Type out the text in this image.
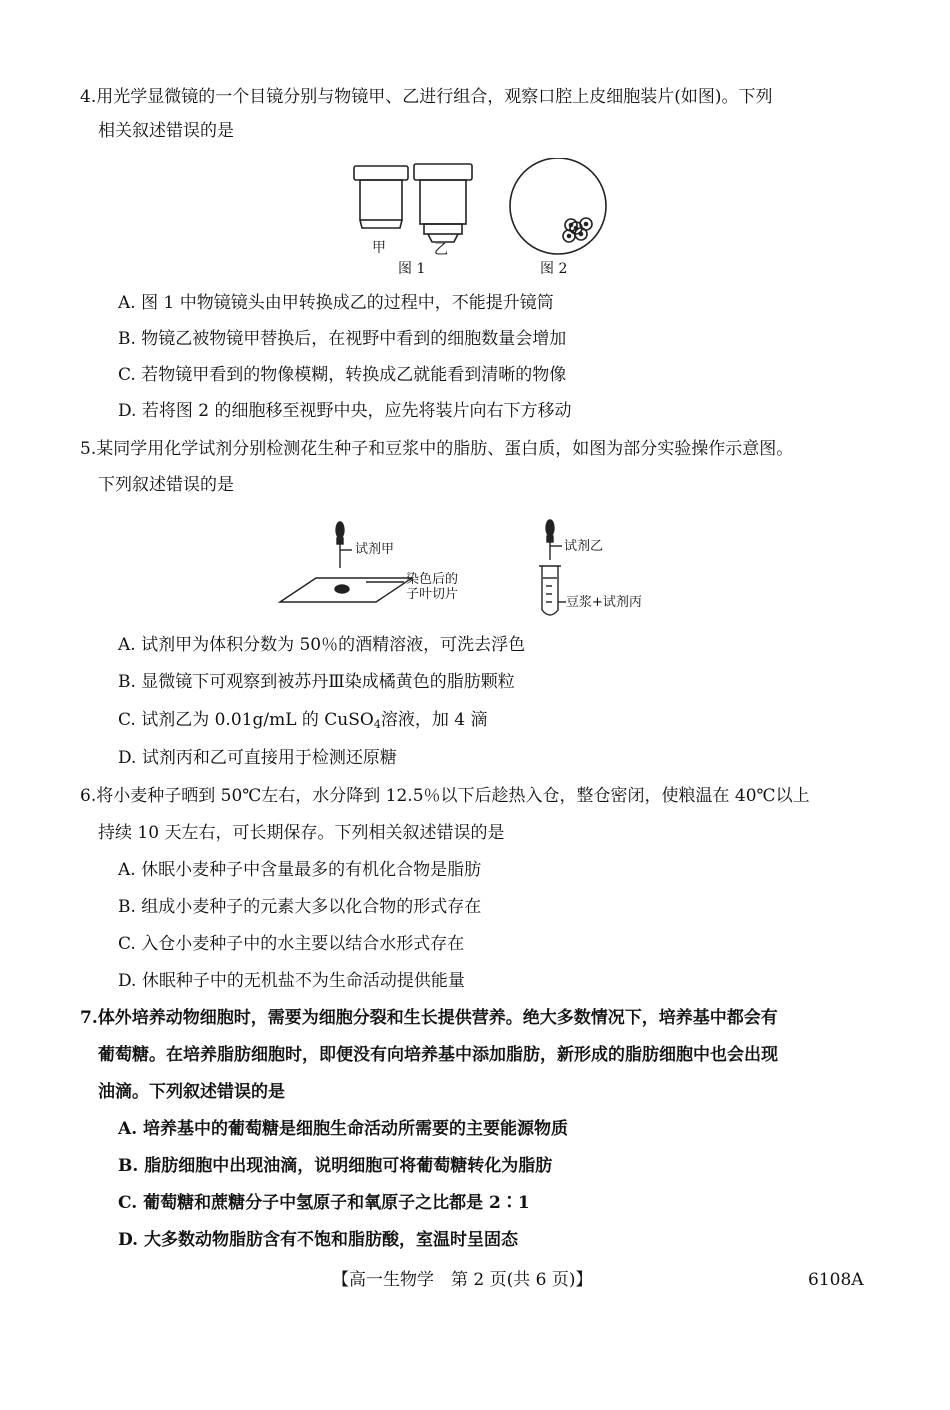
4.用光学显微镜的一个目镜分别与物镜甲、乙进行组合，观察口腔上皮细胞装片(如图)。下列
相关叙述错误的是
甲	乙
图 1	图 2
A. 图 1 中物镜镜头由甲转换成乙的过程中，不能提升镜筒
B. 物镜乙被物镜甲替换后，在视野中看到的细胞数量会增加
C. 若物镜甲看到的物像模糊，转换成乙就能看到清晰的物像
D. 若将图 2 的细胞移至视野中央，应先将装片向右下方移动
5.某同学用化学试剂分别检测花生种子和豆浆中的脂肪、蛋白质，如图为部分实验操作示意图。
下列叙述错误的是
试剂甲
染色后的
子叶切片
试剂乙
豆浆+试剂丙
A. 试剂甲为体积分数为 50％的酒精溶液，可洗去浮色
B. 显微镜下可观察到被苏丹Ⅲ染成橘黄色的脂肪颗粒
C. 试剂乙为 0.01g/mL 的 CuSO$_4$溶液，加 4 滴
D. 试剂丙和乙可直接用于检测还原糖
6.将小麦种子晒到 50℃左右，水分降到 12.5％以下后趁热入仓，整仓密闭，使粮温在 40℃以上
持续 10 天左右，可长期保存。下列相关叙述错误的是
A. 休眠小麦种子中含量最多的有机化合物是脂肪
B. 组成小麦种子的元素大多以化合物的形式存在
C. 入仓小麦种子中的水主要以结合水形式存在
D. 休眠种子中的无机盐不为生命活动提供能量
7.体外培养动物细胞时，需要为细胞分裂和生长提供营养。绝大多数情况下，培养基中都会有
葡萄糖。在培养脂肪细胞时，即便没有向培养基中添加脂肪，新形成的脂肪细胞中也会出现
油滴。下列叙述错误的是
A. 培养基中的葡萄糖是细胞生命活动所需要的主要能源物质
B. 脂肪细胞中出现油滴，说明细胞可将葡萄糖转化为脂肪
C. 葡萄糖和蔗糖分子中氢原子和氧原子之比都是 2∶1
D. 大多数动物脂肪含有不饱和脂肪酸，室温时呈固态
【高一生物学　第 2 页(共 6 页)】	6108A
